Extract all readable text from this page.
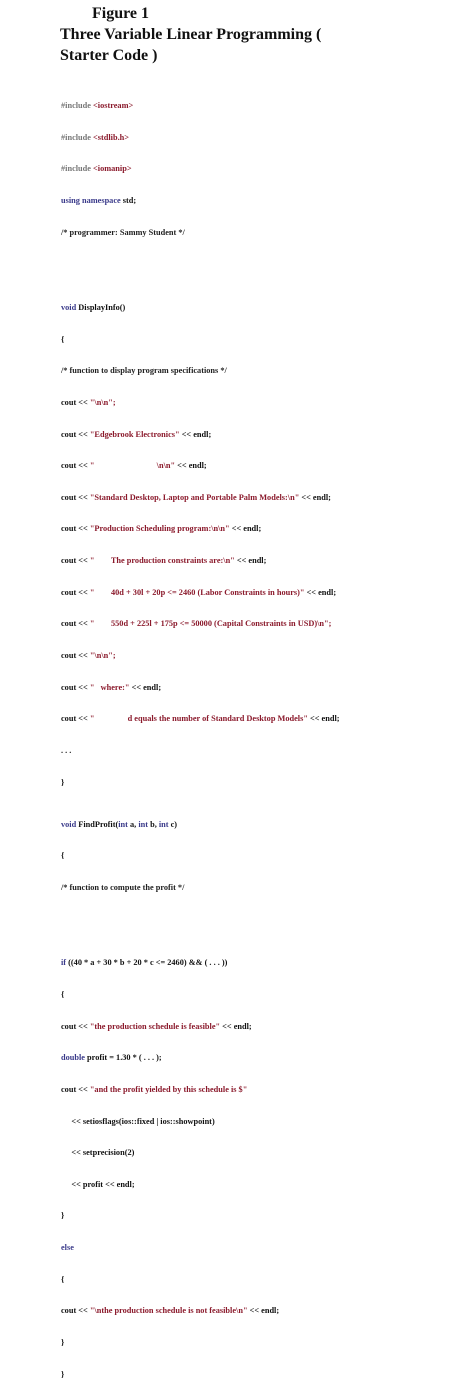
Figure 1Three Variable Linear Programming (
Starter Code )

#include <iostream>

#include <stdlib.h>

#include <iomanip>

using namespace std;

/* programmer: Sammy Student */

void DisplayInfo()

{

/* function to display program specifications */

cout << "\n\n";

cout << "Edgebrook Electronics" << endl;

cout << "                              \n\n" << endl;

cout << "Standard Desktop, Laptop and Portable Palm Models:\n" << endl;

cout << "Production Scheduling program:\n\n" << endl;

cout << "        The production constraints are:\n" << endl;

cout << "        40d + 30l + 20p <= 2460 (Labor Constraints in hours)" << endl;

cout << "        550d + 225l + 175p <= 50000 (Capital Constraints in USD)\n";

cout << "\n\n";

cout << "   where:" << endl;

cout << "                d equals the number of Standard Desktop Models" << endl;

. . .

}

void FindProfit(int a, int b, int c)

{

/* function to compute the profit */

if ((40 * a + 30 * b + 20 * c <= 2460) && ( . . . ))

{

cout << "the production schedule is feasible" << endl;

double profit = 1.30 * ( . . . );

cout << "and the profit yielded by this schedule is $"

<< setiosflags(ios::fixed | ios::showpoint)

<< setprecision(2)

<< profit << endl;

}

else

{

cout << "\nthe production schedule is not feasible\n" << endl;

}

}
